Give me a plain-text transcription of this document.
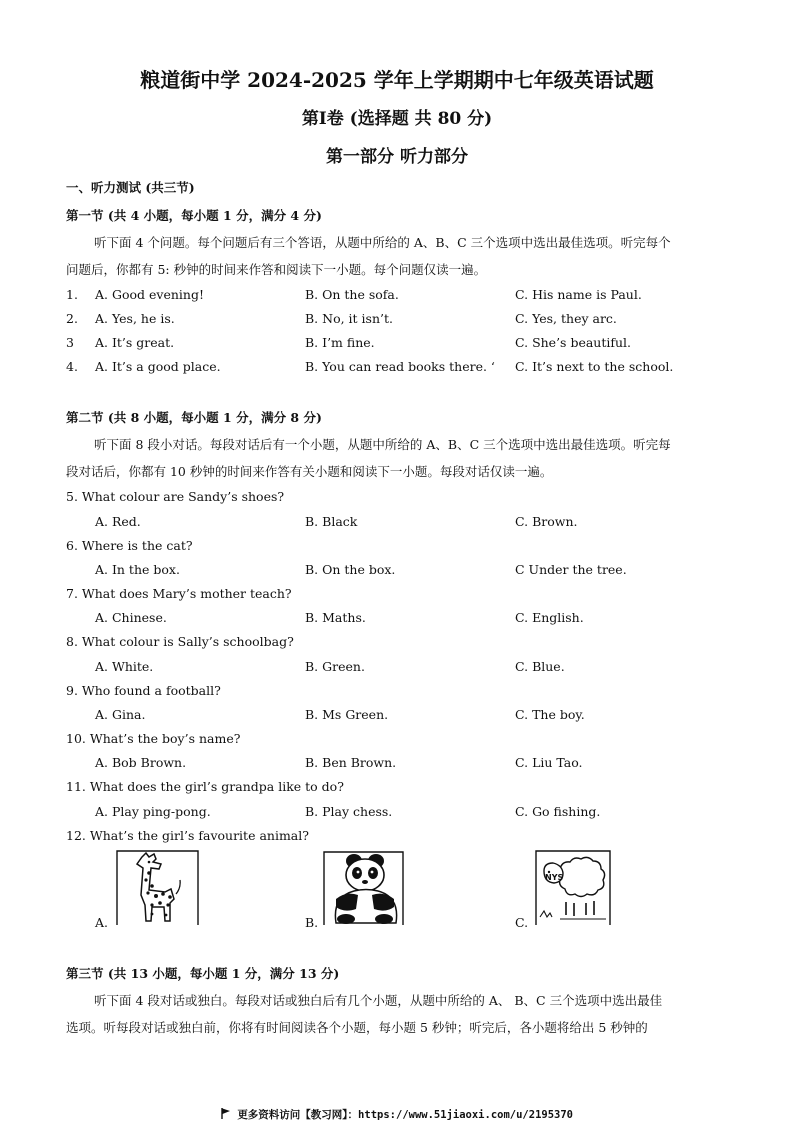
粮道街中学 2024-2025 学年上学期期中七年级英语试题
第Ⅰ卷 (选择题 共 80 分)
第一部分 听力部分
一、听力测试 (共三节)
第一节 (共 4 小题，每小题 1 分，满分 4 分)
听下面 4 个问题。每个问题后有三个答语，从题中所给的 A、B、C 三个选项中选出最佳选项。听完每个
问题后，你都有 5: 秒钟的时间来作答和阅读下一小题。每个问题仅读一遍。
1. A. Good evening!	B. On the sofa.	C. His name is Paul.
2. A. Yes, he is.	B. No, it isn’t.	C. Yes, they arc.
3 A. It’s great.	B. I’m fine.	C. She’s beautiful.
4. A. It’s a good place.	B. You can read books there. ‘ C. It’s next to the school.
第二节 (共 8 小题，每小题 1 分，满分 8 分)
听下面 8 段小对话。每段对话后有一个小题，从题中所给的 A、B、C 三个选项中选出最佳选项。听完每
段对话后，你都有 10 秒钟的时间来作答有关小题和阅读下一小题。每段对话仅读一遍。
5. What colour are Sandy’s shoes?
A. Red.	B. Black	C. Brown.
6. Where is the cat?
A. In the box.	B. On the box.	C Under the tree.
7. What does Mary’s mother teach?
A. Chinese.	B. Maths.	C. English.
8. What colour is Sally’s schoolbag?
A. White.	B. Green.	C. Blue.
9. Who found a football?
A. Gina.	B. Ms Green.	C. The boy.
10. What’s the boy’s name?
A. Bob Brown.	B. Ben Brown.	C. Liu Tao.
11. What does the girl’s grandpa like to do?
A. Play ping-pong.	B. Play chess.	C. Go fishing.
12. What’s the girl’s favourite animal?
A.	B.	C.
NYS
第三节 (共 13 小题，每小题 1 分，满分 13 分)
听下面 4 段对话或独白。每段对话或独白后有几个小题，从题中所给的 A、 B、C 三个选项中选出最佳
选项。听每段对话或独白前，你将有时间阅读各个小题，每小题 5 秒钟；听完后，各小题将给出 5 秒钟的
更多资料访问【教习网】：https://www.51jiaoxi.com/u/2195370
